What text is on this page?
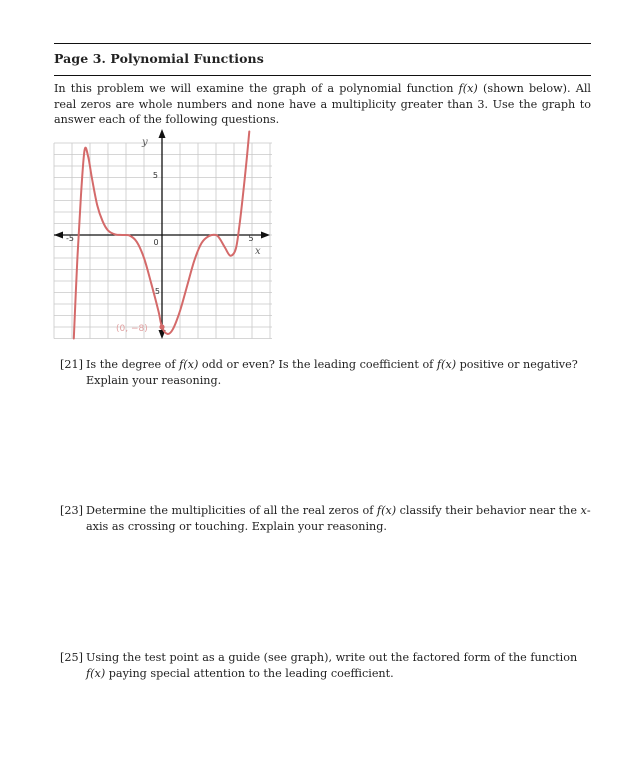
Page 3. Polynomial Functions
In this problem we will examine the graph of a polynomial function f(x) (shown below). All real zeros are whole numbers and none have a multiplicity greater than 3. Use the graph to answer each of the following questions.
y
x
5
-5	0	5
-5
(0, −8)
[21] Is the degree of f(x) odd or even? Is the leading coefficient of f(x) positive or negative? Explain your reasoning.
[23] Determine the multiplicities of all the real zeros of f(x) classify their behavior near the x-axis as crossing or touching. Explain your reasoning.
[25] Using the test point as a guide (see graph), write out the factored form of the function f(x) paying special attention to the leading coefficient.
